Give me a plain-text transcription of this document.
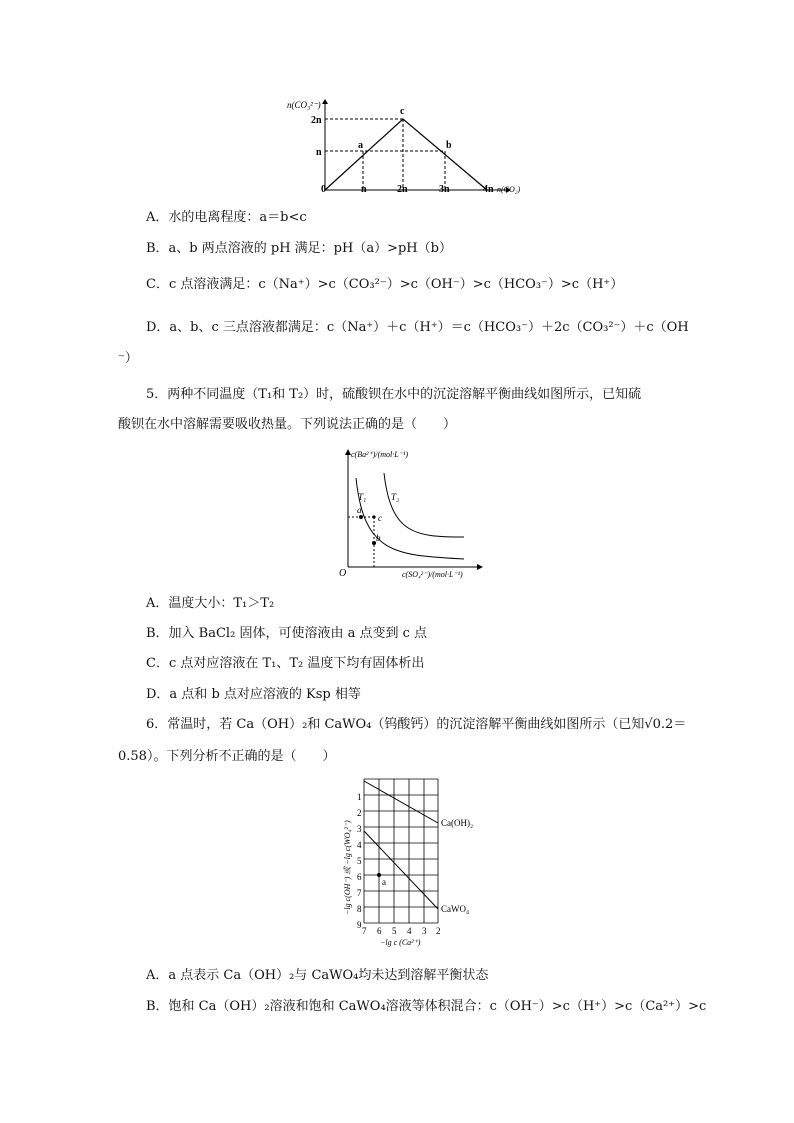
n(CO₃²⁻)
n(CO₂)
2n
n
0	n	2n	3n	4n
a	b
c
A．水的电离程度：a＝b<c
B．a、b 两点溶液的 pH 满足：pH（a）>pH（b）
C．c 点溶液满足：c（Na⁺）>c（CO₃²⁻）>c（OH⁻）>c（HCO₃⁻）>c（H⁺）
D．a、b、c 三点溶液都满足：c（Na⁺）＋c（H⁺）＝c（HCO₃⁻）＋2c（CO₃²⁻）＋c（OH
⁻）
5．两种不同温度（T₁和 T₂）时，硫酸钡在水中的沉淀溶解平衡曲线如图所示，已知硫
酸钡在水中溶解需要吸收热量。下列说法正确的是（　　）
c(Ba²⁺)/(mol·L⁻¹)
c(SO₄²⁻)/(mol·L⁻¹)
O
T₁	T₂
a
b
c
A．温度大小：T₁＞T₂
B．加入 BaCl₂ 固体，可使溶液由 a 点变到 c 点
C．c 点对应溶液在 T₁、T₂ 温度下均有固体析出
D．a 点和 b 点对应溶液的 Ksp 相等
6．常温时，若 Ca（OH）₂和 CaWO₄（钨酸钙）的沉淀溶解平衡曲线如图所示（已知√0.2＝
0.58）。下列分析不正确的是（　　）
1
2
3
4
5
6
7
8
9
7 6 5 4 3 2
−lg c (Ca²⁺)
−lg c(OH⁻) 或 −lg c(WO₄²⁻)	Ca(OH)₂
CaWO₄
a
A．a 点表示 Ca（OH）₂与 CaWO₄均未达到溶解平衡状态
B．饱和 Ca（OH）₂溶液和饱和 CaWO₄溶液等体积混合：c（OH⁻）>c（H⁺）>c（Ca²⁺）>c
